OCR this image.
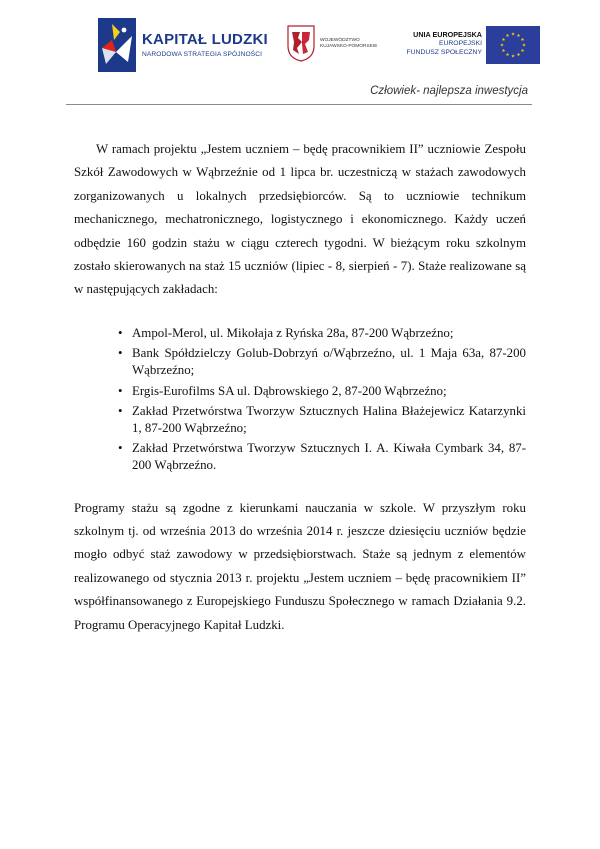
KAPITAŁ LUDZKI
NARODOWA STRATEGIA SPÓJNOŚCI
WOJEWÓDZTWO
KUJAWSKO-POMORSKIE
UNIA EUROPEJSKA
EUROPEJSKI
FUNDUSZ SPOŁECZNY
Człowiek- najlepsza inwestycja

W ramach projektu „Jestem uczniem – będę pracownikiem II” uczniowie Zespołu Szkół Zawodowych w Wąbrzeźnie od 1 lipca br. uczestniczą w stażach zawodowych zorganizowanych u lokalnych przedsiębiorców. Są to uczniowie technikum mechanicznego, mechatronicznego, logistycznego i ekonomicznego. Każdy uczeń odbędzie 160 godzin stażu w ciągu czterech tygodni. W bieżącym roku szkolnym zostało skierowanych na staż 15 uczniów (lipiec - 8, sierpień - 7). Staże realizowane są w następujących zakładach:

• Ampol-Merol, ul. Mikołaja z Ryńska 28a, 87-200 Wąbrzeźno;
• Bank Spółdzielczy Golub-Dobrzyń o/Wąbrzeźno, ul. 1 Maja 63a, 87-200 Wąbrzeźno;
• Ergis-Eurofilms SA ul. Dąbrowskiego 2, 87-200 Wąbrzeźno;
• Zakład Przetwórstwa Tworzyw Sztucznych Halina Błażejewicz Katarzynki 1, 87-200 Wąbrzeźno;
• Zakład Przetwórstwa Tworzyw Sztucznych I. A. Kiwała Cymbark 34, 87-200 Wąbrzeźno.

Programy stażu są zgodne z kierunkami nauczania w szkole. W przyszłym roku szkolnym tj. od września 2013 do września 2014 r. jeszcze dziesięciu uczniów będzie mogło odbyć staż zawodowy w przedsiębiorstwach. Staże są jednym z elementów realizowanego od stycznia 2013 r. projektu „Jestem uczniem – będę pracownikiem II” współfinansowanego z Europejskiego Funduszu Społecznego w ramach Działania 9.2. Programu Operacyjnego Kapitał Ludzki.
